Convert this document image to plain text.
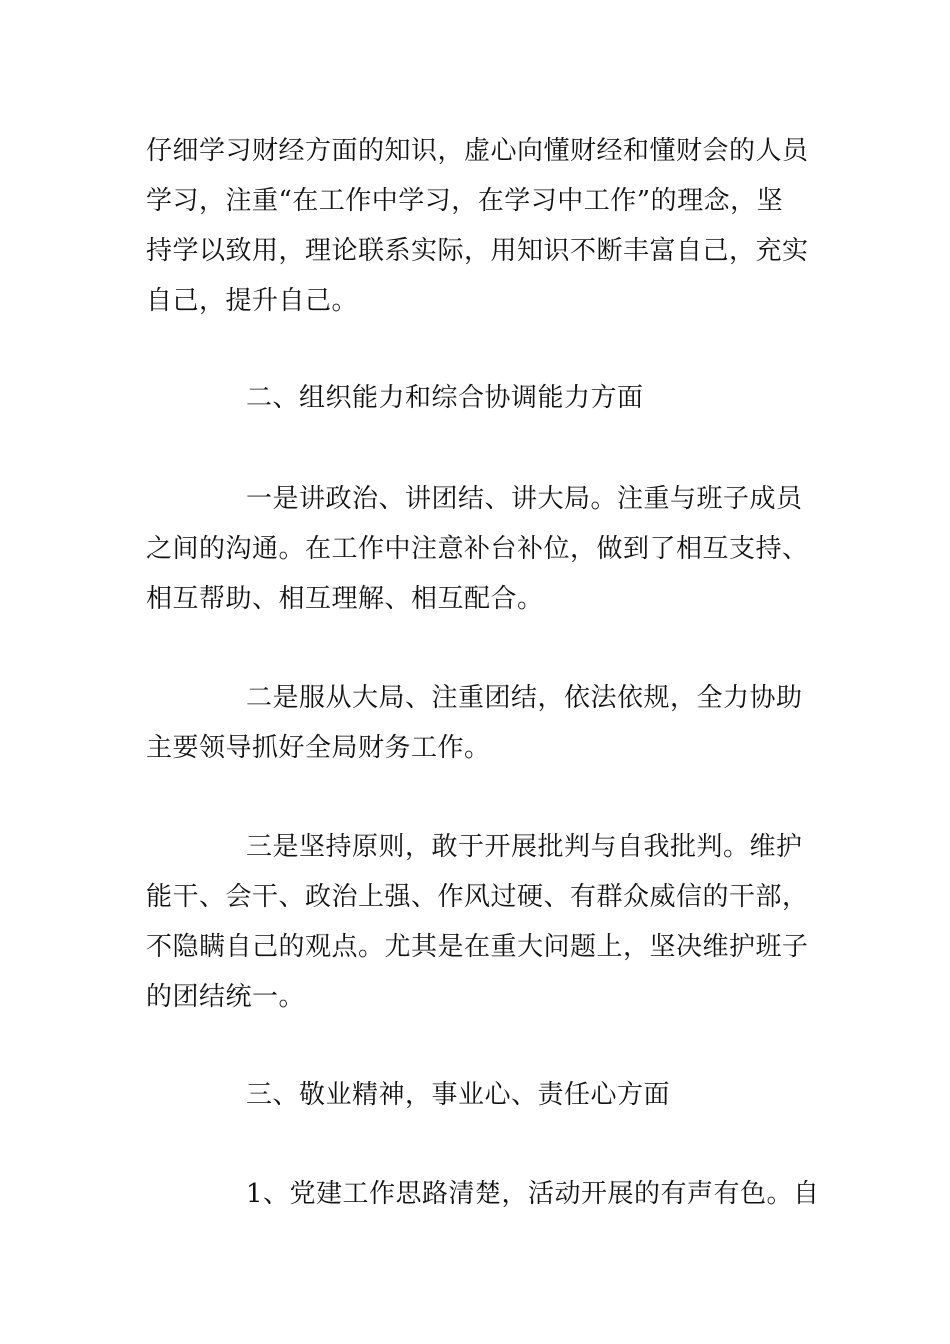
仔细学习财经方面的知识，虚心向懂财经和懂财会的人员
学习，注重“在工作中学习，在学习中工作”的理念，坚
持学以致用，理论联系实际，用知识不断丰富自己，充实
自己，提升自己。
二、组织能力和综合协调能力方面
一是讲政治、讲团结、讲大局。注重与班子成员
之间的沟通。在工作中注意补台补位，做到了相互支持、
相互帮助、相互理解、相互配合。
二是服从大局、注重团结，依法依规，全力协助
主要领导抓好全局财务工作。
三是坚持原则，敢于开展批判与自我批判。维护
能干、会干、政治上强、作风过硬、有群众威信的干部，
不隐瞒自己的观点。尤其是在重大问题上，坚决维护班子
的团结统一。
三、敬业精神，事业心、责任心方面
1、党建工作思路清楚，活动开展的有声有色。自
